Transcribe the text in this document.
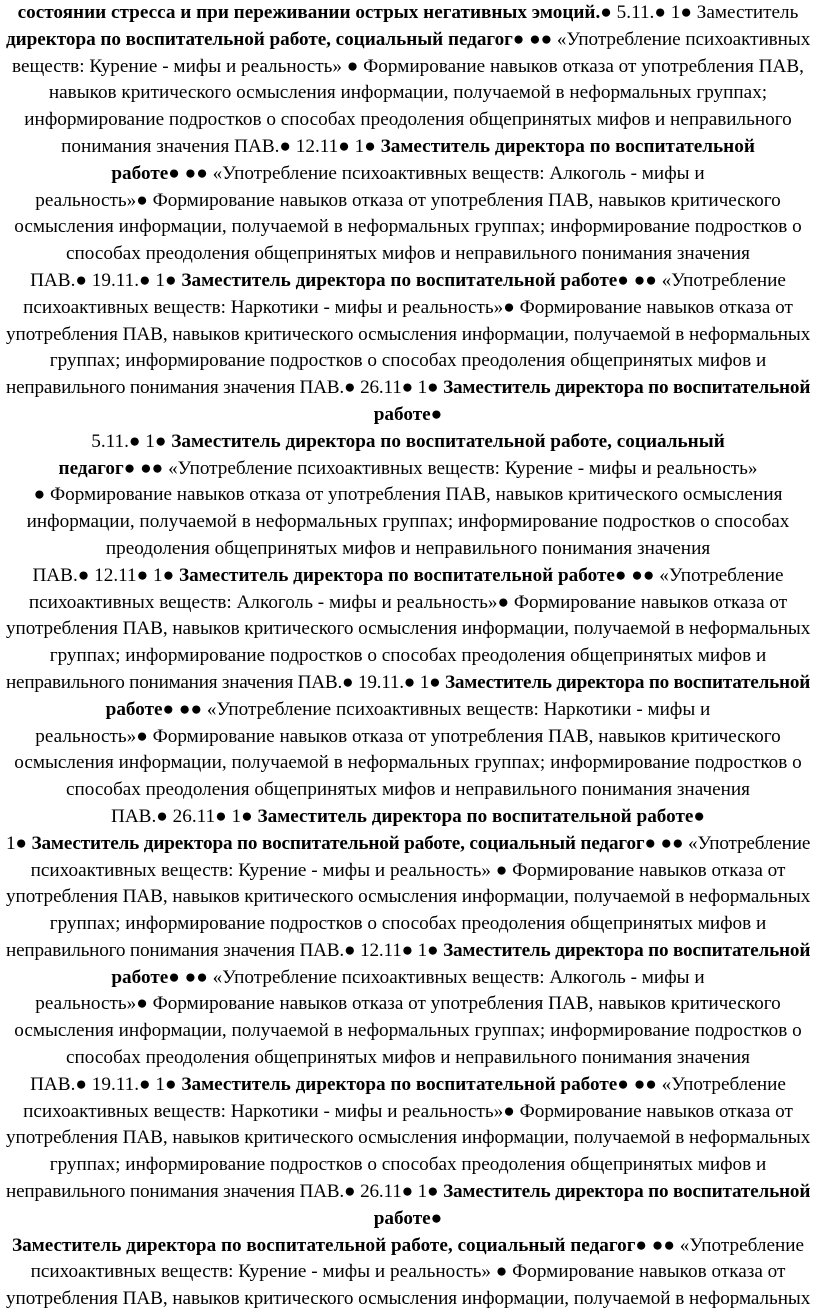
состоянии стресса и при переживании острых негативных эмоций.● 5.11.● 1● Заместитель
директора по воспитательной работе, социальный педагог● ●● «Употребление психоактивных
веществ: Курение - мифы и реальность» ● Формирование навыков отказа от употребления ПАВ,
навыков критического осмысления информации, получаемой в неформальных группах;
информирование подростков о способах преодоления общепринятых мифов и неправильного
понимания значения ПАВ.● 12.11● 1● Заместитель директора по воспитательной
работе● ●● «Употребление психоактивных веществ: Алкоголь - мифы и
реальность»● Формирование навыков отказа от употребления ПАВ, навыков критического
осмысления информации, получаемой в неформальных группах; информирование подростков о
способах преодоления общепринятых мифов и неправильного понимания значения
ПАВ.● 19.11.● 1● Заместитель директора по воспитательной работе● ●● «Употребление
психоактивных веществ: Наркотики - мифы и реальность»● Формирование навыков отказа от
употребления ПАВ, навыков критического осмысления информации, получаемой в неформальных
группах; информирование подростков о способах преодоления общепринятых мифов и
неправильного понимания значения ПАВ.● 26.11● 1● Заместитель директора по воспитательной
работе●
5.11.● 1● Заместитель директора по воспитательной работе, социальный
педагог● ●● «Употребление психоактивных веществ: Курение - мифы и реальность»
● Формирование навыков отказа от употребления ПАВ, навыков критического осмысления
информации, получаемой в неформальных группах; информирование подростков о способах
преодоления общепринятых мифов и неправильного понимания значения
ПАВ.● 12.11● 1● Заместитель директора по воспитательной работе● ●● «Употребление
психоактивных веществ: Алкоголь - мифы и реальность»● Формирование навыков отказа от
употребления ПАВ, навыков критического осмысления информации, получаемой в неформальных
группах; информирование подростков о способах преодоления общепринятых мифов и
неправильного понимания значения ПАВ.● 19.11.● 1● Заместитель директора по воспитательной
работе● ●● «Употребление психоактивных веществ: Наркотики - мифы и
реальность»● Формирование навыков отказа от употребления ПАВ, навыков критического
осмысления информации, получаемой в неформальных группах; информирование подростков о
способах преодоления общепринятых мифов и неправильного понимания значения
ПАВ.● 26.11● 1● Заместитель директора по воспитательной работе●
1● Заместитель директора по воспитательной работе, социальный педагог● ●● «Употребление
психоактивных веществ: Курение - мифы и реальность» ● Формирование навыков отказа от
употребления ПАВ, навыков критического осмысления информации, получаемой в неформальных
группах; информирование подростков о способах преодоления общепринятых мифов и
неправильного понимания значения ПАВ.● 12.11● 1● Заместитель директора по воспитательной
работе● ●● «Употребление психоактивных веществ: Алкоголь - мифы и
реальность»● Формирование навыков отказа от употребления ПАВ, навыков критического
осмысления информации, получаемой в неформальных группах; информирование подростков о
способах преодоления общепринятых мифов и неправильного понимания значения
ПАВ.● 19.11.● 1● Заместитель директора по воспитательной работе● ●● «Употребление
психоактивных веществ: Наркотики - мифы и реальность»● Формирование навыков отказа от
употребления ПАВ, навыков критического осмысления информации, получаемой в неформальных
группах; информирование подростков о способах преодоления общепринятых мифов и
неправильного понимания значения ПАВ.● 26.11● 1● Заместитель директора по воспитательной
работе●
Заместитель директора по воспитательной работе, социальный педагог● ●● «Употребление
психоактивных веществ: Курение - мифы и реальность» ● Формирование навыков отказа от
употребления ПАВ, навыков критического осмысления информации, получаемой в неформальных
